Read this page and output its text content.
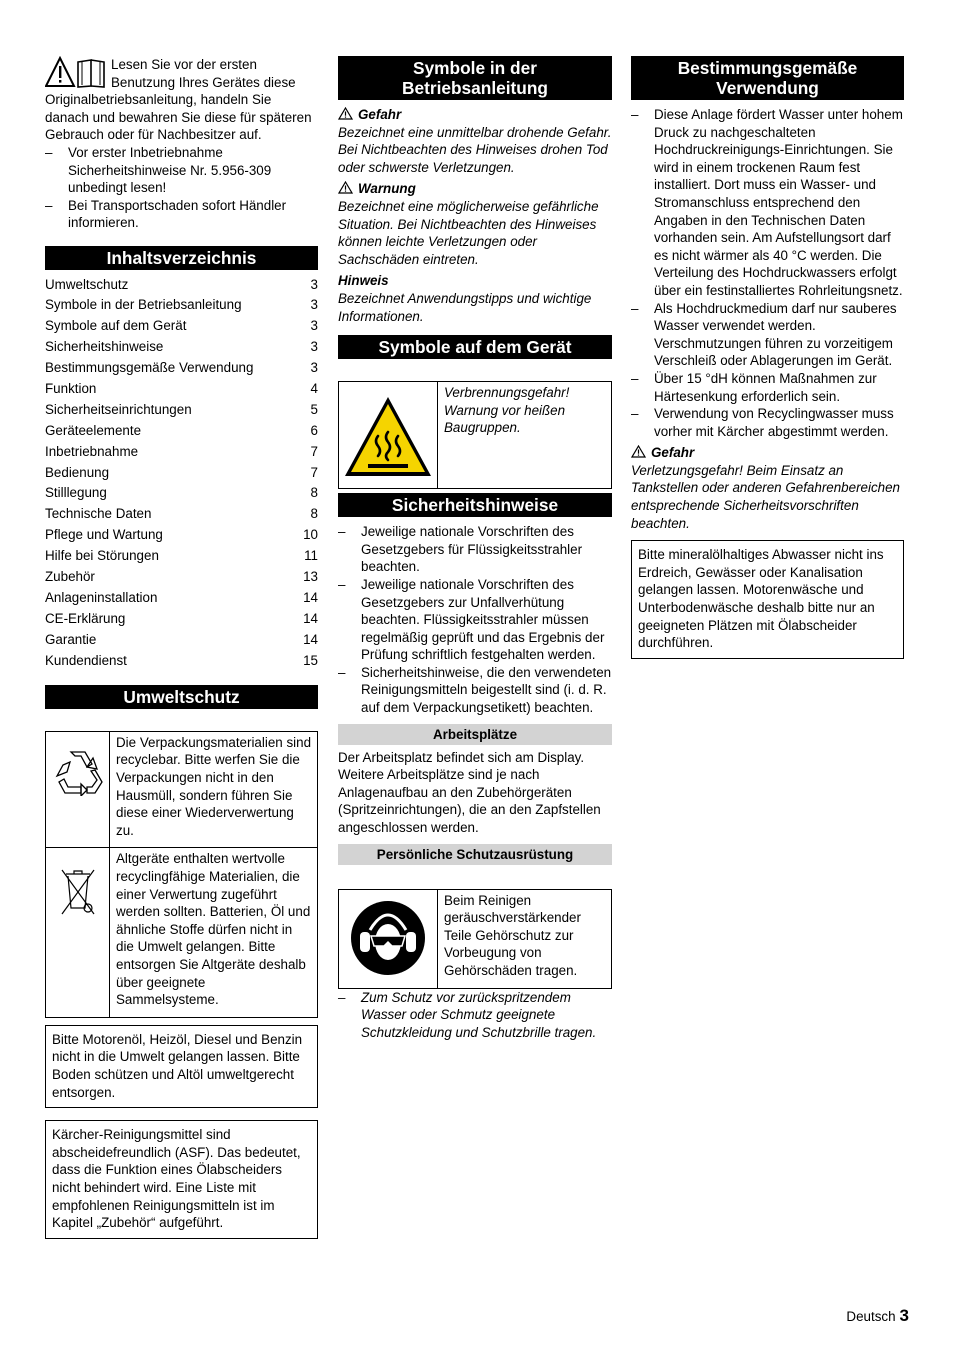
Lesen Sie vor der ersten Benutzung Ihres Gerätes diese Originalbetriebsanleitung, handeln Sie danach und bewahren Sie diese für späteren Gebrauch oder für Nachbesitzer auf.

– Vor erster Inbetriebnahme Sicherheitshinweise Nr. 5.956-309 unbedingt lesen!
– Bei Transportschaden sofort Händler informieren.
Inhaltsverzeichnis
Umweltschutz	3
Symbole in der Betriebsanleitung	3
Symbole auf dem Gerät	3
Sicherheitshinweise	3
Bestimmungsgemäße Verwendung	3
Funktion	4
Sicherheitseinrichtungen	5
Geräteelemente	6
Inbetriebnahme	7
Bedienung	7
Stilllegung	8
Technische Daten	8
Pflege und Wartung	10
Hilfe bei Störungen	11
Zubehör	13
Anlageninstallation	14
CE-Erklärung	14
Garantie	14
Kundendienst	15
Umweltschutz
	Die Verpackungsmaterialien sind recyclebar. Bitte werfen Sie die Verpackungen nicht in den Hausmüll, sondern führen Sie diese einer Wiederverwertung zu.
	Altgeräte enthalten wertvolle recyclingfähige Materialien, die einer Verwertung zugeführt werden sollten. Batterien, Öl und ähnliche Stoffe dürfen nicht in die Umwelt gelangen. Bitte entsorgen Sie Altgeräte deshalb über geeignete Sammelsysteme.

Bitte Motorenöl, Heizöl, Diesel und Benzin nicht in die Umwelt gelangen lassen. Bitte Boden schützen und Altöl umweltgerecht entsorgen.

Kärcher-Reinigungsmittel sind abscheidefreundlich (ASF). Das bedeutet, dass die Funktion eines Ölabscheiders nicht behindert wird. Eine Liste mit empfohlenen Reinigungsmitteln ist im Kapitel „Zubehör“ aufgeführt.

Symbole in der Betriebsanleitung

Gefahr

Bezeichnet eine unmittelbar drohende Gefahr. Bei Nichtbeachten des Hinweises drohen Tod oder schwerste Verletzungen.

Warnung

Bezeichnet eine möglicherweise gefährliche Situation. Bei Nichtbeachten des Hinweises können leichte Verletzungen oder Sachschäden eintreten.

Hinweis

Bezeichnet Anwendungstipps und wichtige Informationen.

Symbole auf dem Gerät
	Verbrennungsgefahr! Warnung vor heißen Baugruppen.
Sicherheitshinweise
– Jeweilige nationale Vorschriften des Gesetzgebers für Flüssigkeitsstrahler beachten.
– Jeweilige nationale Vorschriften des Gesetzgebers zur Unfallverhütung beachten. Flüssigkeitsstrahler müssen regelmäßig geprüft und das Ergebnis der Prüfung schriftlich festgehalten werden.
– Sicherheitshinweise, die den verwendeten Reinigungsmitteln beigestellt sind (i. d. R. auf dem Verpackungsetikett) beachten.
Arbeitsplätze

Der Arbeitsplatz befindet sich am Display. Weitere Arbeitsplätze sind je nach Anlagenaufbau an den Zubehörgeräten (Spritzeinrichtungen), die an den Zapfstellen angeschlossen werden.

Persönliche Schutzausrüstung
	Beim Reinigen geräuschverstärkender Teile Gehörschutz zur Vorbeugung von Gehörschäden tragen.
– Zum Schutz vor zurückspritzendem Wasser oder Schmutz geeignete Schutzkleidung und Schutzbrille tragen.
Bestimmungsgemäße Verwendung
– Diese Anlage fördert Wasser unter hohem Druck zu nachgeschalteten Hochdruckreinigungs-Einrichtungen. Sie wird in einem trockenen Raum fest installiert. Dort muss ein Wasser- und Stromanschluss entsprechend den Angaben in den Technischen Daten vorhanden sein. Am Aufstellungsort darf es nicht wärmer als 40 °C werden. Die Verteilung des Hochdruckwassers erfolgt über ein festinstalliertes Rohrleitungsnetz.
– Als Hochdruckmedium darf nur sauberes Wasser verwendet werden. Verschmutzungen führen zu vorzeitigem Verschleiß oder Ablagerungen im Gerät.
– Über 15 °dH können Maßnahmen zur Härtesenkung erforderlich sein.
– Verwendung von Recyclingwasser muss vorher mit Kärcher abgestimmt werden.

Gefahr

Verletzungsgefahr! Beim Einsatz an Tankstellen oder anderen Gefahrenbereichen entsprechende Sicherheitsvorschriften beachten.

Bitte mineralölhaltiges Abwasser nicht ins Erdreich, Gewässer oder Kanalisation gelangen lassen. Motorenwäsche und Unterbodenwäsche deshalb bitte nur an geeigneten Plätzen mit Ölabscheider durchführen.

Deutsch 3
